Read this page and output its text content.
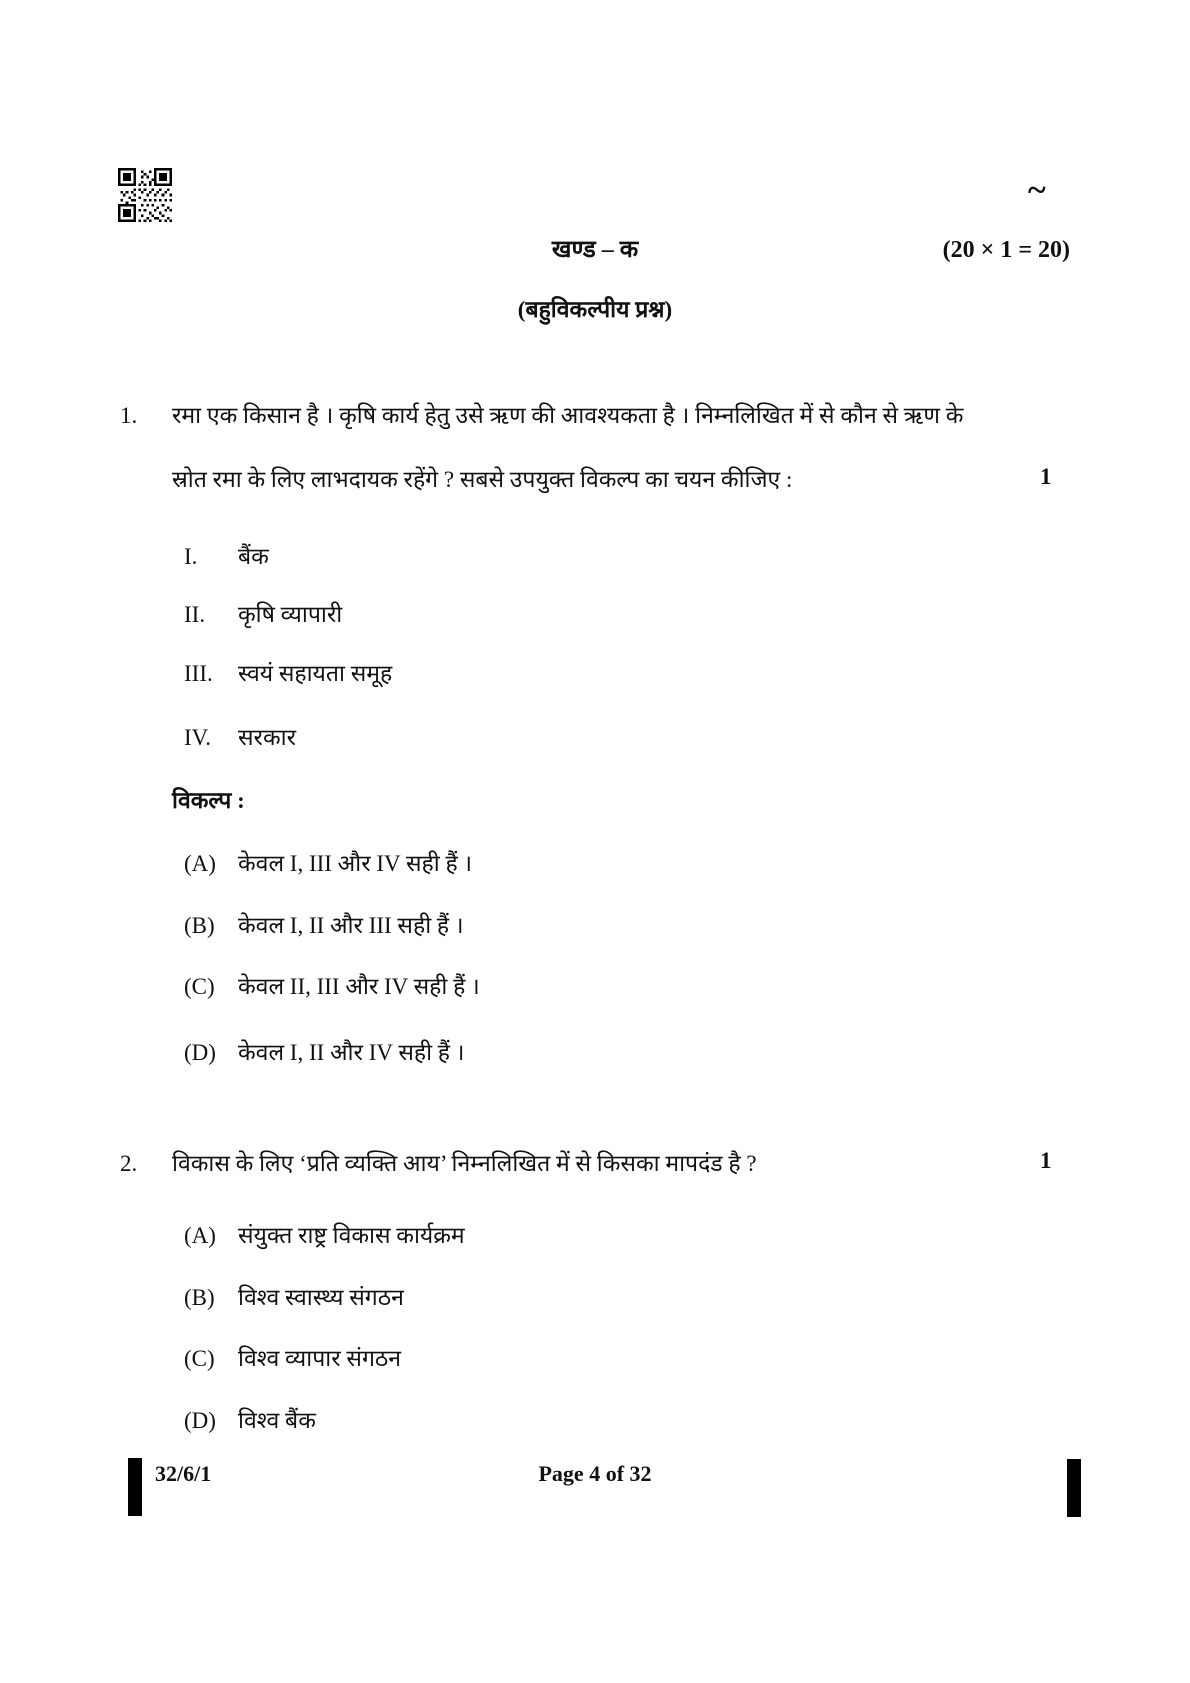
~
खण्ड – क	(20 × 1 = 20)
(बहुविकल्पीय प्रश्न)
1. रमा एक किसान है । कृषि कार्य हेतु उसे ऋण की आवश्यकता है । निम्नलिखित में से कौन से ऋण के
स्रोत रमा के लिए लाभदायक रहेंगे ? सबसे उपयुक्त विकल्प का चयन कीजिए :	1
I. बैंक
II. कृषि व्यापारी
III. स्वयं सहायता समूह
IV. सरकार
विकल्प :
(A) केवल I, III और IV सही हैं ।
(B) केवल I, II और III सही हैं ।
(C) केवल II, III और IV सही हैं ।
(D) केवल I, II और IV सही हैं ।
2. विकास के लिए ‘प्रति व्यक्ति आय’ निम्नलिखित में से किसका मापदंड है ?	1
(A) संयुक्त राष्ट्र विकास कार्यक्रम
(B) विश्व स्वास्थ्य संगठन
(C) विश्व व्यापार संगठन
(D) विश्व बैंक
32/6/1	Page 4 of 32
